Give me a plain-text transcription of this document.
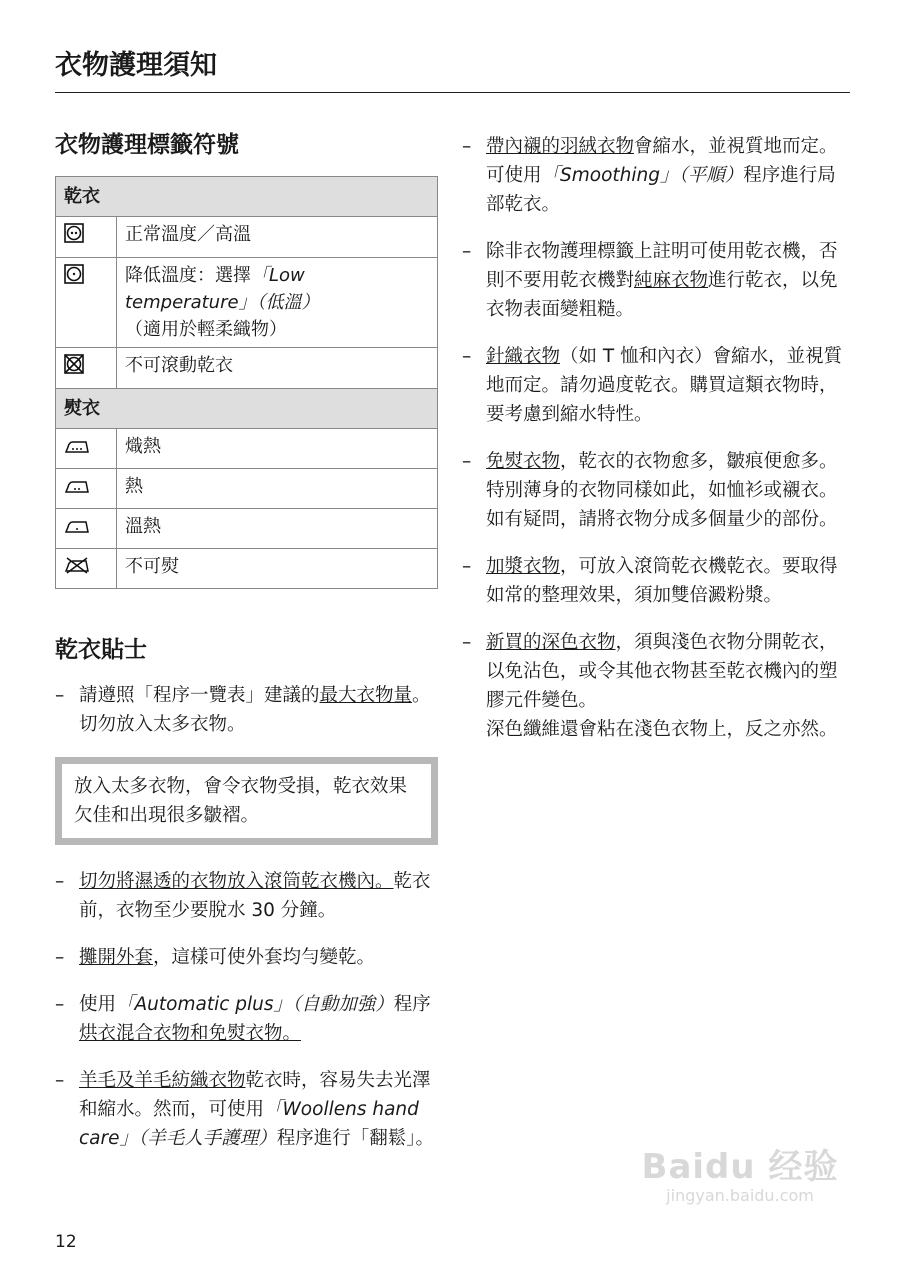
衣物護理須知
衣物護理標籤符號
乾衣	
	正常溫度／高溫
	降低溫度：選擇「Low temperature」（低溫）
（適用於輕柔織物）
	不可滾動乾衣
熨衣	
	熾熱
	熱
	溫熱
	不可熨
乾衣貼士
– 請遵照「程序一覽表」建議的最大衣物量。切勿放入太多衣物。
放入太多衣物，會令衣物受損，乾衣效果欠佳和出現很多皺褶。
– 切勿將濕透的衣物放入滾筒乾衣機內。乾衣前，衣物至少要脫水 30 分鐘。
– 攤開外套，這樣可使外套均勻變乾。
– 使用「Automatic plus」（自動加強）程序烘衣混合衣物和免熨衣物。
– 羊毛及羊毛紡織衣物乾衣時，容易失去光澤和縮水。然而，可使用「Woollens hand care」（羊毛人手護理）程序進行「翻鬆」。
– 帶內襯的羽絨衣物會縮水，並視質地而定。可使用「Smoothing」（平順）程序進行局部乾衣。
– 除非衣物護理標籤上註明可使用乾衣機，否則不要用乾衣機對純麻衣物進行乾衣，以免衣物表面變粗糙。
– 針織衣物（如 T 恤和內衣）會縮水，並視質地而定。請勿過度乾衣。購買這類衣物時，要考慮到縮水特性。
– 免熨衣物，乾衣的衣物愈多，皺痕便愈多。特別薄身的衣物同樣如此，如恤衫或襯衣。
如有疑問，請將衣物分成多個量少的部份。
– 加漿衣物，可放入滾筒乾衣機乾衣。要取得如常的整理效果，須加雙倍澱粉漿。
– 新買的深色衣物，須與淺色衣物分開乾衣，以免沾色，或令其他衣物甚至乾衣機內的塑膠元件變色。
深色纖維還會粘在淺色衣物上，反之亦然。
12
Baidu 经验
jingyan.baidu.com
